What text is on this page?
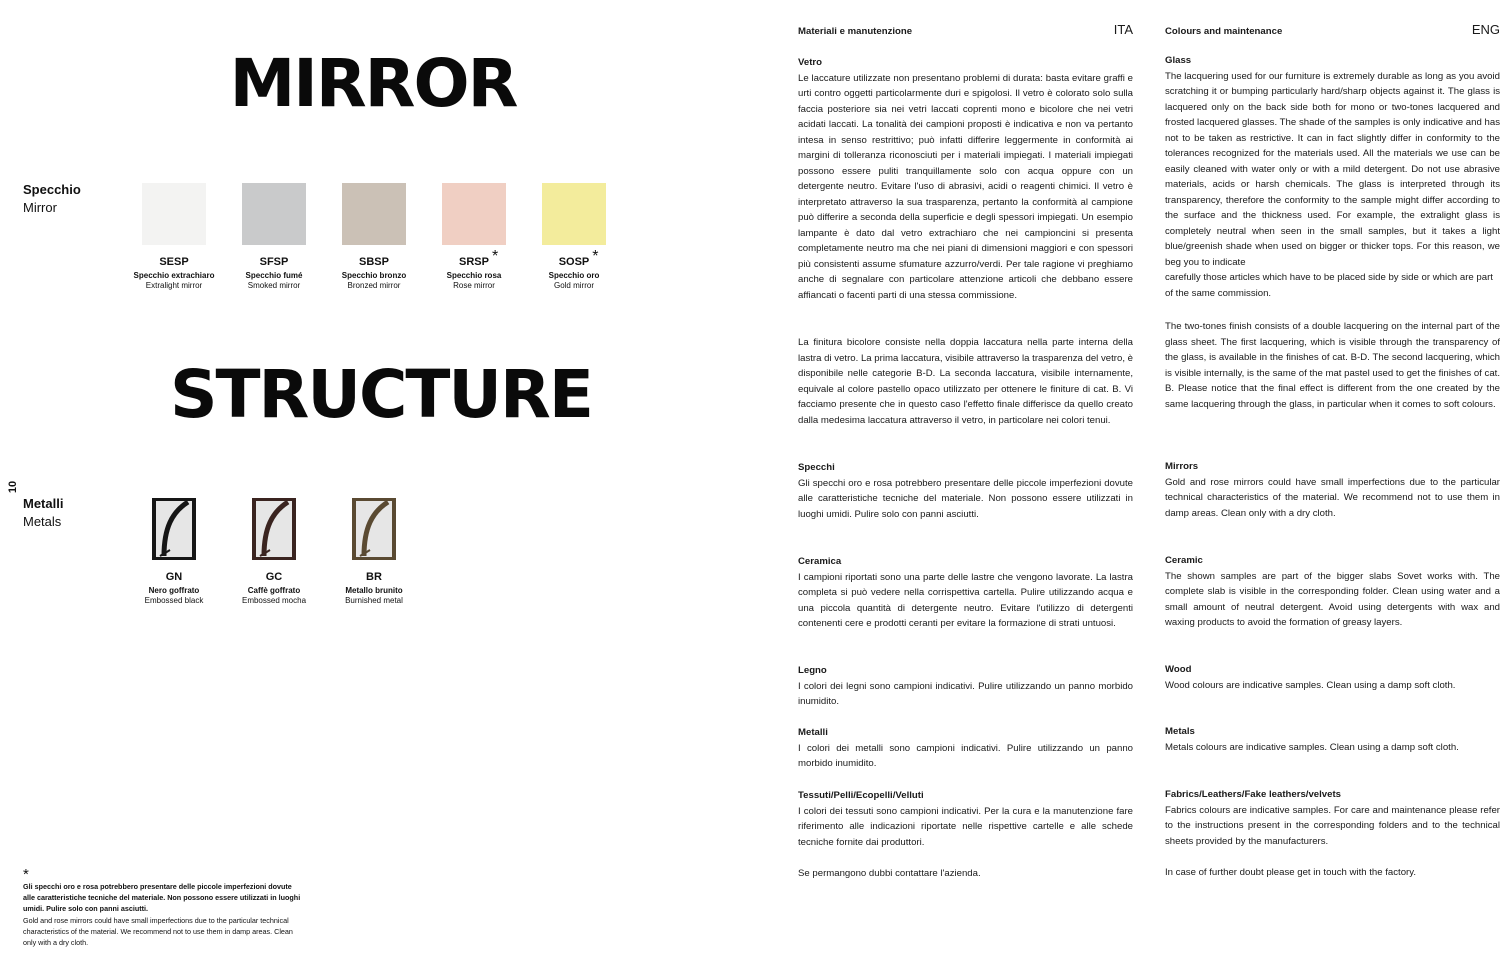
MIRROR
STRUCTURE
Specchio
Mirror
Metalli
Metals
10
SESP
Specchio extrachiaro
Extralight mirror
SFSP
Specchio fumé
Smoked mirror
SBSP
Specchio bronzo
Bronzed mirror
SRSP *
Specchio rosa
Rose mirror
SOSP *
Specchio oro
Gold mirror
GN
Nero goffrato
Embossed black
GC
Caffè goffrato
Embossed mocha
BR
Metallo brunito
Burnished metal
*
Gli specchi oro e rosa potrebbero presentare delle piccole imperfezioni dovute alle caratteristiche tecniche del materiale. Non possono essere utilizzati in luoghi umidi. Pulire solo con panni asciutti.
Gold and rose mirrors could have small imperfections due to the particular technical characteristics of the material. We recommend not to use them in damp areas. Clean only with a dry cloth.
Materiali e manutenzione	ITA
Vetro

Le laccature utilizzate non presentano problemi di durata: basta evitare graffi e urti contro oggetti particolarmente duri e spigolosi. Il vetro è colorato solo sulla faccia posteriore sia nei vetri laccati coprenti mono e bicolore che nei vetri acidati laccati. La tonalità dei campioni proposti è indicativa e non va pertanto intesa in senso restrittivo; può infatti differire leggermente in conformità ai margini di tolleranza riconosciuti per i materiali impiegati. I materiali impiegati possono essere puliti tranquillamente solo con acqua oppure con un detergente neutro. Evitare l'uso di abrasivi, acidi o reagenti chimici. Il vetro è interpretato attraverso la sua trasparenza, pertanto la conformità al campione può differire a seconda della superficie e degli spessori impiegati. Un esempio lampante è dato dal vetro extrachiaro che nei campioncini si presenta completamente neutro ma che nei piani di dimensioni maggiori e con spessori più consistenti assume sfumature azzurro/verdi. Per tale ragione vi preghiamo anche di segnalare con particolare attenzione articoli che debbano essere affiancati o facenti parti di una stessa commissione.

La finitura bicolore consiste nella doppia laccatura nella parte interna della lastra di vetro. La prima laccatura, visibile attraverso la trasparenza del vetro, è disponibile nelle categorie B-D. La seconda laccatura, visibile internamente, equivale al colore pastello opaco utilizzato per ottenere le finiture di cat. B. Vi facciamo presente che in questo caso l'effetto finale differisce da quello creato dalla medesima laccatura attraverso il vetro, in particolare nei colori tenui.

Specchi

Gli specchi oro e rosa potrebbero presentare delle piccole imperfezioni dovute alle caratteristiche tecniche del materiale. Non possono essere utilizzati in luoghi umidi. Pulire solo con panni asciutti.

Ceramica

I campioni riportati sono una parte delle lastre che vengono lavorate. La lastra completa si può vedere nella corrispettiva cartella. Pulire utilizzando acqua e una piccola quantità di detergente neutro. Evitare l'utilizzo di detergenti contenenti cere e prodotti ceranti per evitare la formazione di strati untuosi.

Legno

I colori dei legni sono campioni indicativi. Pulire utilizzando un panno morbido inumidito.

Metalli

I colori dei metalli sono campioni indicativi. Pulire utilizzando un panno morbido inumidito.

Tessuti/Pelli/Ecopelli/Velluti

I colori dei tessuti sono campioni indicativi. Per la cura e la manutenzione fare riferimento alle indicazioni riportate nelle rispettive cartelle e alle schede tecniche fornite dai produttori.

Se permangono dubbi contattare l'azienda.

Colours and maintenance	ENG
Glass

The lacquering used for our furniture is extremely durable as long as you avoid scratching it or bumping particularly hard/sharp objects against it. The glass is lacquered only on the back side both for mono or two-tones lacquered and frosted lacquered glasses. The shade of the samples is only indicative and has not to be taken as restrictive. It can in fact slightly differ in conformity to the tolerances recognized for the materials used. All the materials we use can be easily cleaned with water only or with a mild detergent. Do not use abrasive materials, acids or harsh chemicals. The glass is interpreted through its transparency, therefore the conformity to the sample might differ according to the surface and the thickness used. For example, the extralight glass is completely neutral when seen in the small samples, but it takes a light blue/greenish shade when used on bigger or thicker tops. For this reason, we beg you to indicate

carefully those articles which have to be placed side by side or which are part of the same commission.

The two-tones finish consists of a double lacquering on the internal part of the glass sheet. The first lacquering, which is visible through the transparency of the glass, is available in the finishes of cat. B-D. The second lacquering, which is visible internally, is the same of the mat pastel used to get the finishes of cat. B. Please notice that the final effect is different from the one created by the same lacquering through the glass, in particular when it comes to soft colours.

Mirrors

Gold and rose mirrors could have small imperfections due to the particular technical characteristics of the material. We recommend not to use them in damp areas. Clean only with a dry cloth.

Ceramic

The shown samples are part of the bigger slabs Sovet works with. The complete slab is visible in the corresponding folder. Clean using water and a small amount of neutral detergent. Avoid using detergents with wax and waxing products to avoid the formation of greasy layers.

Wood

Wood colours are indicative samples. Clean using a damp soft cloth.

Metals

Metals colours are indicative samples. Clean using a damp soft cloth.

Fabrics/Leathers/Fake leathers/velvets

Fabrics colours are indicative samples. For care and maintenance please refer to the instructions present in the corresponding folders and to the technical sheets provided by the manufacturers.

In case of further doubt please get in touch with the factory.
